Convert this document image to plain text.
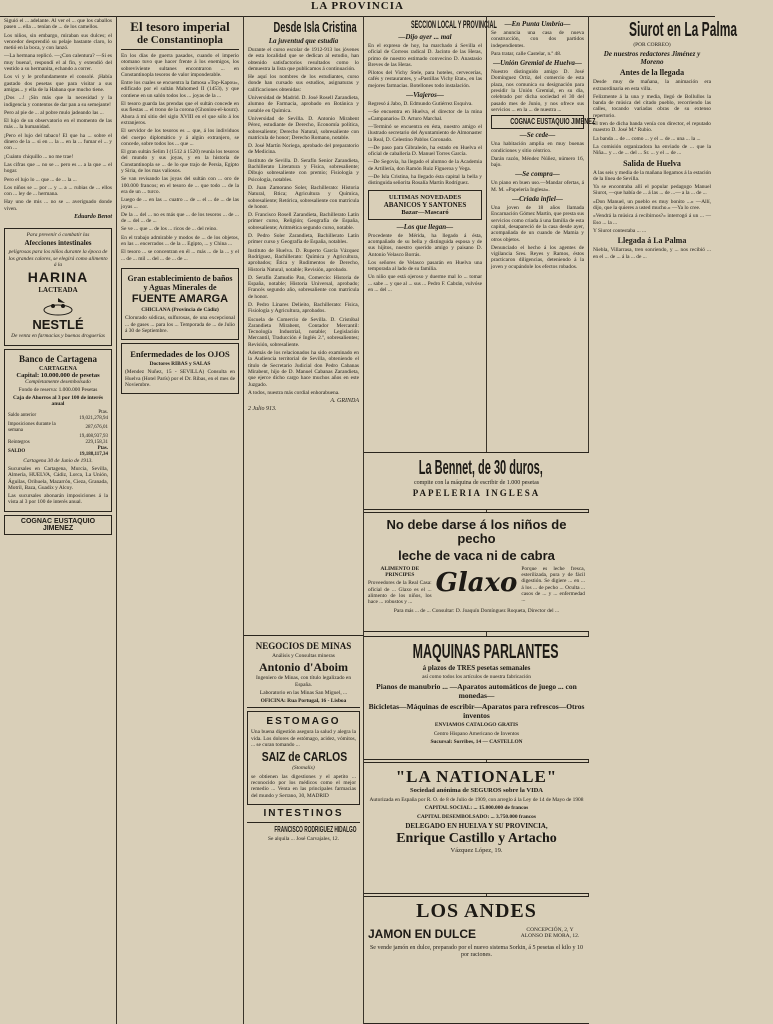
LA PROVINCIA

Siguió el ... adelante. Al ver el ... que los caballos pasen ... ella ... tenían de ... de los camellos.

Los niños, sin embargo, miraban sus dulces; el vencedor desprendió su pelaje bastante claro, lo metió en la boca, y con lanzó.

—La hermana replicó. —¿Con calentura? —Si es muy buena!, respondí el al fin, y extendió del vestido a su hermanita, echando a correr.

Los vi y le profundamente el consolé. ¡Había gastado dos pesetas que para visitar a sus amigas... y ella de la Habana que mucho tiene.

¡Dos ...! ¡Sin más que la necesidad y la indigencia y contentos de dar pan a su semejante!

Pero al pie de ... al pobre mulo jadeando las ...

El lujo de un observatorio en el momento de las más ... la humanidad.

¡Pero el lujo del tabaco! El que ha ... sobre el dinero de la ... si en ... la ... en la ... fumar el ... y con ...

¡Cuánto chiquillo ... no me trae!

Las cifras que ... no se ... pero es ... a la que ... el hogar.

Pero el lujo lo ... que ... de ... la ...

Los niños se ... por ... y ... a ... rubias de ... ellos con ... ley de ... hermana.

Hay uno de mis ... no se ... averiguado donde viven.

Eduardo Benot

Para prevenir ó combatir las

Afecciones intestinales

peligrosas para los niños durante la época de los grandes calores, se elegirá como alimento á la

HARINA
LACTEADA
NESTLÉ

De venta en farmacias y buenas droguerías

Banco de Cartagena
CARTAGENA
Capital: 10.000.000 de pesetas

Completamente desembolsado

Fondo de reserva: 1.000.000 Pesetas

Caja de Ahorros al 3 por 100 de interés anual

Saldo anterior	Ptas. 19,021,278,94
Imposiciones durante la semana	287,676,01
	19,408,937,93
Reintegros	229,158,31
SALDO	Ptas. 19,188,117,34

Cartagena 30 de Junio de 1913.

Sucursales en Cartagena, Murcia, Sevilla, Almería, HUELVA, Cádiz, Lorca, La Unión, Águilas, Orihuela, Mazarrón, Cieza, Granada, Motril, Baza, Guadix y Alcoy.

Las sucursales abonarán imposiciones á la vista al 3 por 100 de interés anual.

COGNAC EUSTAQUIO JIMENEZ
El tesoro imperial
de Constantinopla

En los días de guerra pasados, cuando el imperio otomano tuvo que hacer frente á los enemigos, los sobreviviente sultanes encontraron ... en Constantinopla tesoros de valor imponderable.

Entre los cuales se encuentra la famosa «Top-Kapou», edificado por el sultán Mahomed II (1453), y que contiene en un salón todos los ... joyas de la ...

El tesoro guarda las prendas que el sultán concede en sus fiestas ... el trono de la corona (Ghoniou-el-kourz). Ahora á mí sitio del siglo XVIII en el que sólo á los extranjeros.

El servidor de los tesoros es ... que, á los individuos del cuerpo diplomático y á algún extranjero, se concede, sobre todos los ... que ...

El gran sultán Selim I (1512 á 1520) reunía los tesoros del mundo y sus joyas, y en la historia de Constantinopla se ... de lo que trajo de Persia, Egipto y Siria, de los mas valiosos.

Se van revisando las joyas del sultán con ... oro de 100.000 francos; en el tesoro de ... que todo ... de la era de un ... turco.

Luego de ... en las ... cuatro ... de ... el ... de ... de las joyas ...

De la ... del ... no es más que ... de los tesoros ... de ... de ... del ... de ...

Se ve ... que ... de los ... ricos de ... del reino.

En el trabajo admirable y modos de ... de los objetos, en las ... encerrados ... de la ... Egipto, ... y China ...

El tesoro ... se concentran en él ... más ... de la ... y el ... de ... mil ... del ... de ... de ...

Gran establecimiento de baños y Aguas Minerales de
FUENTE AMARGA

CHICLANA (Provincia de Cádiz)

Clorurado sódicas, sulfurosas, de una excepcional ... de gases ... para los ... Temporada de ... de Julio á 30 de Septiembre.

Enfermedades de los OJOS

Doctores RIBAS y SALAS

(Mendez Nuñez, 15 - SEVILLA) Consulta en Huelva (Hotel París) por el Dr. Ribas, en el mes de Noviembre.

Desde Isla Cristina
La juventud que estudia

Durante el curso escolar de 1912-913 los jóvenes de esta localidad que se dedican al estudio, han obtenido satisfactorios resultados como lo demuestra la lista que publicamos á continuación.

He aquí los nombres de los estudiantes, curso donde han cursado sus estudios, asignaturas y calificaciones obtenidas:

Universidad de Madrid. D. José Rosell Zarandieta, alumno de Farmacia, aprobado en Botánica y notable en Química.

Universidad de Sevilla. D. Antonio Mirabent Pérez, estudiante de Derecho, Economía política, sobresaliente; Derecho Natural, sobresaliente con matrícula de honor; Derecho Romano, notable.

D. José Martín Noriega, aprobado del preparatorio de Medicina.

Instituto de Sevilla. D. Serafín Senior Zarandieta, Bachillerato Literatura y Física, sobresaliente; Dibujo sobresaliente con premio; Fisiología y Psicología, notables.

D. Juan Zamorano Soler, Bachillerato: Historia Natural, Rtica; Agricultura y Química, sobresaliente; Retórica, sobresaliente con matrícula de honor.

D. Francisco Rosell Zarandieta, Bachillerato Latín primer curso, Religión; Geografía de España, sobresaliente; Aritmética segundo curso, notable.

D. Pedro Soler Zarandieta, Bachillerato Latín primer curso y Geografía de España, notables.

Instituto de Huelva. D. Ruperto García Vázquez Rodríguez, Bachillerato: Química y Agricultura, aprobados; Ética y Rudimentos de Derecho, Historia Natural, notable; Revisión, aprobado.

D. Serafín Zamudio Pan, Comercio: Historia de España, notable; Historia Universal, aprobado; Francés segundo año, sobresaliente con matrícula de honor.

D. Pedro Linares Delieito, Bachillerato: Física, Fisiología y Agricultura, aprobados.

Escuela de Comercio de Sevilla. D. Cristóbal Zarandieta Mirabent, Contador Mercantil: Tecnología Industrial, notable; Legislación Mercantil, Traducción é Inglés 2.º, sobresalientes; Revisión, sobresaliente.

Además de los relacionados ha sido examinado en la Audiencia territorial de Sevilla, obteniendo el título de Secretario Judicial don Pedro Cabanas Mirabent, hijo de D. Manuel Cabanas Zarandieta, que ejerce dicho cargo hace muchos años en este Juzgado.

A todos, nuestra más cordial enhorabuena.

A. GRINDA
2 Julio 913.
SECCION LOCAL Y PROVINCIAL
—Dijo ayer ... mal

En el expreso de hoy, ha marchado á Sevilla el oficial de Correos radical D. Jacinto de las Heras, primo de nuestro estimado convecino D. Anastasio Breves de las Heras.

Pilotos del Vichy Stele, para hoteles, cervecerías, cafés y restaurantes, y «Pastillas Vichy Etat», en las mejores farmacias. Botellones todo instalación.

—Viajeros—

Regresó á Jabo, D. Edmundo Gutiérrez Esquiva.

—Se encuentra en Huelva, el director de la mina «Campanario» D. Arturo Marchal.

—Terminó se encuentra en ésta, nuestro amigo el ilustrado secretario del Ayuntamiento de Almonaster la Real, D. Celestino Pablos Coronado.

—De paso para Gibraleón, ha estado en Huelva el oficial de caballería D. Manuel Torres García.

—De Segovia, ha llegado el alumno de la Academia de Artillería, don Ramón Ruiz Figueroa y Vega.

—De Isla Cristina, ha llegado ésta capital la bella y distinguida señorita Rosalía Martín Rodríguez.

ULTIMAS NOVEDADES
ABANICOS Y SANTONES
Bazar—Mascaró
—Los que llegan—

Procedente de Mérida, ha llegado á ésta, acompañado de su bella y distinguida esposa y de sus hijitos, nuestro querido amigo y paisano D. Antonio Velasco Borrás.

Los señores de Velasco pasarán en Huelva una temporada al lado de su familia.

Un niño que está ojeroso y duerme mal lo ... tomar ... sabe ... y que al ... sus ... Pedro F. Cabrán, vulvóse en ... del ...

—En Punta Umbría—

Se anuncia una casa de nueva construcción, con dos partidos independientes.

Para tratar, calle Castelar, n.º 48.

—Unión Gremial de Huelva—

Nuestro distinguido amigo D. José Domínguez Ortiz, del comercio de esta plaza, nos comunica su designación para presidir la Unión Gremial, en su día, celebrado por dicha sociedad el 30 del pasado mes de Junio, y nos ofrece sus servicios ... en la ... de nuestra ...

COGNAC EUSTAQUIO JIMENEZ
—Se cede—

Una habitación amplia en muy buenas condiciones y sitio céntrico.

Darán razón, Méndez Núñez, número 16, bajo.

—Se compra—

Un piano en buen uso.—Mandar ofertas, á M. M. «Papelería Inglesa».

—Criada infiel—

Una joven de 18 años llamada Encarnación Gómez Martín, que presta sus servicios como criada á una familia de esta capital, desapareció de la casa desde ayer, acompañada de un cuando de Mamia y otros objetos.

Denunciado el hecho á los agentes de vigilancia Sres. Reyes y Ramos, éstos practicaron diligencias, deteniendo á la joven y ocupándole los efectos robados.

Siurot en La Palma

(POR CORREO)

De nuestros redactores Jiménez y Moreno
Antes de la llegada

Desde muy de mañana, la animación era extraordinaria en esta villa.

Felizmente á la una y media, llegó de Bollullos la banda de música del citado pueblo, recorriendo las calles, tocando variadas obras de su extenso repertorio.

El tren de dicha banda venía con director, el reputado maestro D. José M.ª Rubio.

La banda ... de ... como ... y el ... de ... una ... la ...

La comisión organizadora ha enviado de ... que la Niña... y ... de ... del ... Sr. ... y el ... de ...

Salida de Huelva

A las seis y media de la mañana llegamos á la estación de la línea de Sevilla.

Ya se encontraba allí el popular pedagogo Manuel Siurot, —que había de ... á las ... de ...— a la ... de ...

«Don Manuel, un pueblo es muy bonito ...» —Allí, dijo, que la quieres a usted mucho.» —Ya lo cree.

«Vendrá la música á recibirnos?» interrogó á un ... —Eso ... la ...

Y Siurot contestaba ... ...

Llegada á La Palma

Niebla, Villarrasa, tren sonriendo, y ... nos recibió ... en el ... de ... á la ... de ...

La Bennet, de 30 duros,

compite con la máquina de escribir de 1.000 pesetas

PAPELERIA INGLESA
No debe darse á los niños de pecho
leche de vaca ni de cabra

ALIMENTO DE PRINCIPES

Proveedores de la Real Casa: oficial de ... Glaxo es el ... alimento de los niños, los hace ... robustos y ...

Glaxo Porque es leche fresca, esterilizada, pura y de fácil digestión. Se digiere ... en ... á los ... de pecho ... Oculta ... casos de ... y ... enfermedad ...

Para más ... de ... Consultar: D. Joaquín Domínguez Roqueta, Director del ...

NEGOCIOS DE MINAS

Análisis y Consultas mineras

Antonio d'Aboim

Ingeniero de Minas, con título legalizado en España.

Laboratorio en las Minas San Miguel, ...

OFICINA: Rua Portugal, 16 - Lisboa

ESTOMAGO

Una buena digestión asegura la salud y alegra la vida. Los dolores de estómago, acidez, vómitos, ... se curan tomando ...

SAIZ de CARLOS

(Stomalix)

se obtienen las digestiones y el apetito ... reconocido por los médicos como el mejor remedio ... Venta en las principales farmacias del mundo y Serrano, 30, MADRID

INTESTINOS
FRANCISCO RODRIGUEZ HIDALGO

Se alquila ... José Carvajales, 12.

MAQUINAS PARLANTES

á plazos de TRES pesetas semanales

así como todos los artículos de nuestra fabricación

Pianos de manubrio ... —Aparatos automáticos de juego ... con monedas—

Bicicletas—Máquinas de escribir—Aparatos para refrescos—Otros inventos

ENVIAMOS CATALOGO GRATIS

Centro Hispano Americano de Inventos

Sucursal: Sorribes, 14 — CASTELLON

"LA NATIONALE"

Sociedad anónima de SEGUROS sobre la VIDA

Autorizada en España por R. O. de 8 de Julio de 1909, con arreglo á la Ley de 14 de Mayo de 1908

CAPITAL SOCIAL: ... 15.000.000 de francos

CAPITAL DESEMBOLSADO: ... 3.750.000 francos

DELEGADO EN HUELVA Y SU PROVINCIA,

Enrique Castillo y Artacho

Vázquez López, 19.

LOS ANDES
JAMON EN DULCE	CONCEPCIÓN, 2, Y ALONSO DE MORA, 12.

Se vende jamón en dulce, preparado por el nuevo sistema Sorkin, á 5 pesetas el kilo y 10 por raciones.
